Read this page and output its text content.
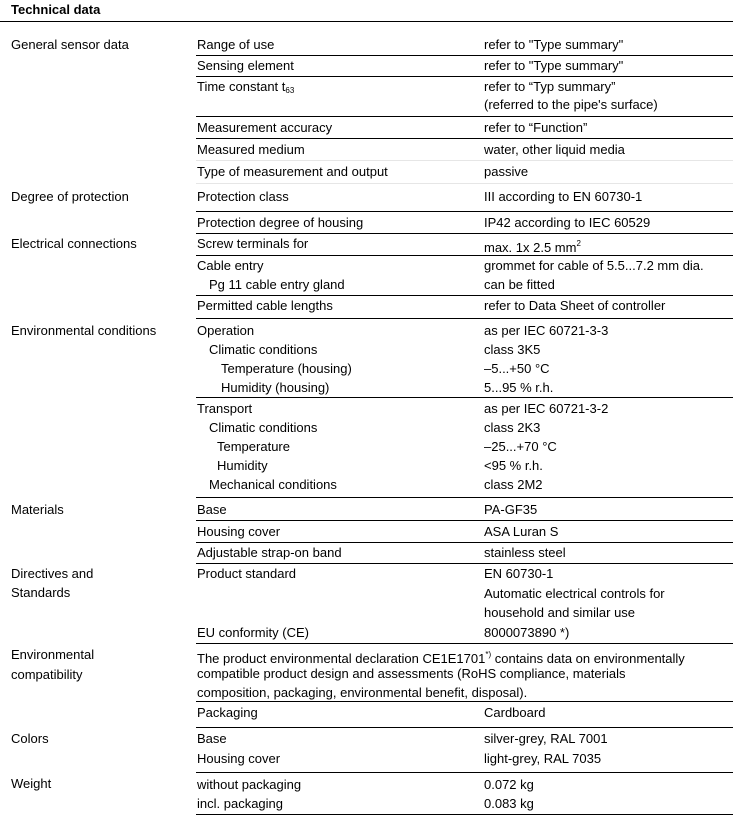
Technical data
General sensor data	Range of use	refer to "Type summary"
Sensing element	refer to "Type summary"
Time constant $t_{63}$	refer to “Typ summary”
(referred to the pipe's surface)
Measurement accuracy	refer to “Function”
Measured medium	water, other liquid media
Type of measurement and output	passive
Degree of protection	Protection class	III according to EN 60730-1
Protection degree of housing	IP42 according to IEC 60529
Electrical connections	Screw terminals for	max. 1x 2.5 $mm^2$
Cable entry	grommet for cable of 5.5...7.2 mm dia.
Pg 11 cable entry gland	can be fitted
Permitted cable lengths	refer to Data Sheet of controller
Environmental conditions	Operation	as per IEC 60721-3-3
Climatic conditions	class 3K5
Temperature (housing)	–5...+50 °C
Humidity (housing)	5...95 % r.h.
Transport	as per IEC 60721-3-2
Climatic conditions	class 2K3
Temperature	–25...+70 °C
Humidity	<95 % r.h.
Mechanical conditions	class 2M2
Materials	Base	PA-GF35
Housing cover	ASA Luran S
Adjustable strap-on band	stainless steel
Directives and
Standards
Product standard	EN 60730-1
Automatic electrical controls for
household and similar use
EU conformity (CE)	8000073890 *)
Environmental
compatibility
The product environmental declaration CE1E1701*) contains data on environmentally
compatible product design and assessments (RoHS compliance, materials
composition, packaging, environmental benefit, disposal).
Packaging	Cardboard
Colors	Base	silver-grey, RAL 7001
Housing cover	light-grey, RAL 7035
Weight	without packaging	0.072 kg
incl. packaging	0.083 kg
